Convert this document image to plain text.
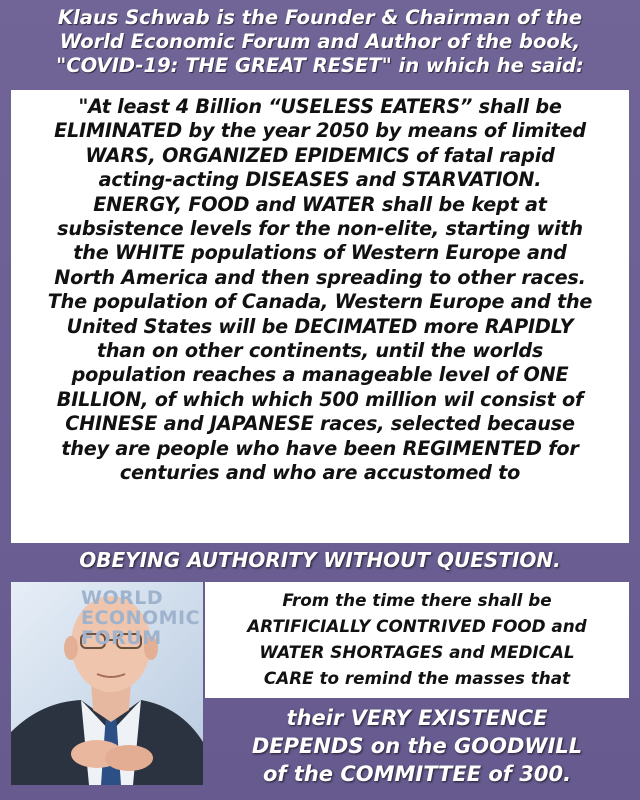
Klaus Schwab is the Founder & Chairman of the
World Economic Forum and Author of the book,
"COVID-19: THE GREAT RESET" in which he said:
"At least 4 Billion “USELESS EATERS” shall be
ELIMINATED by the year 2050 by means of limited
WARS, ORGANIZED EPIDEMICS of fatal rapid
acting-acting DISEASES and STARVATION.
ENERGY, FOOD and WATER shall be kept at
subsistence levels for the non-elite, starting with
the WHITE populations of Western Europe and
North America and then spreading to other races.
The population of Canada, Western Europe and the
United States will be DECIMATED more RAPIDLY
than on other continents, until the worlds
population reaches a manageable level of ONE
BILLION, of which which 500 million wil consist of
CHINESE and JAPANESE races, selected because
they are people who have been REGIMENTED for
centuries and who are accustomed to
OBEYING AUTHORITY WITHOUT QUESTION.
WORLD
ECONOMIC
FORUM
From the time there shall be
ARTIFICIALLY CONTRIVED FOOD and
WATER SHORTAGES and MEDICAL
CARE to remind the masses that
their VERY EXISTENCE
DEPENDS on the GOODWILL
of the COMMITTEE of 300.
